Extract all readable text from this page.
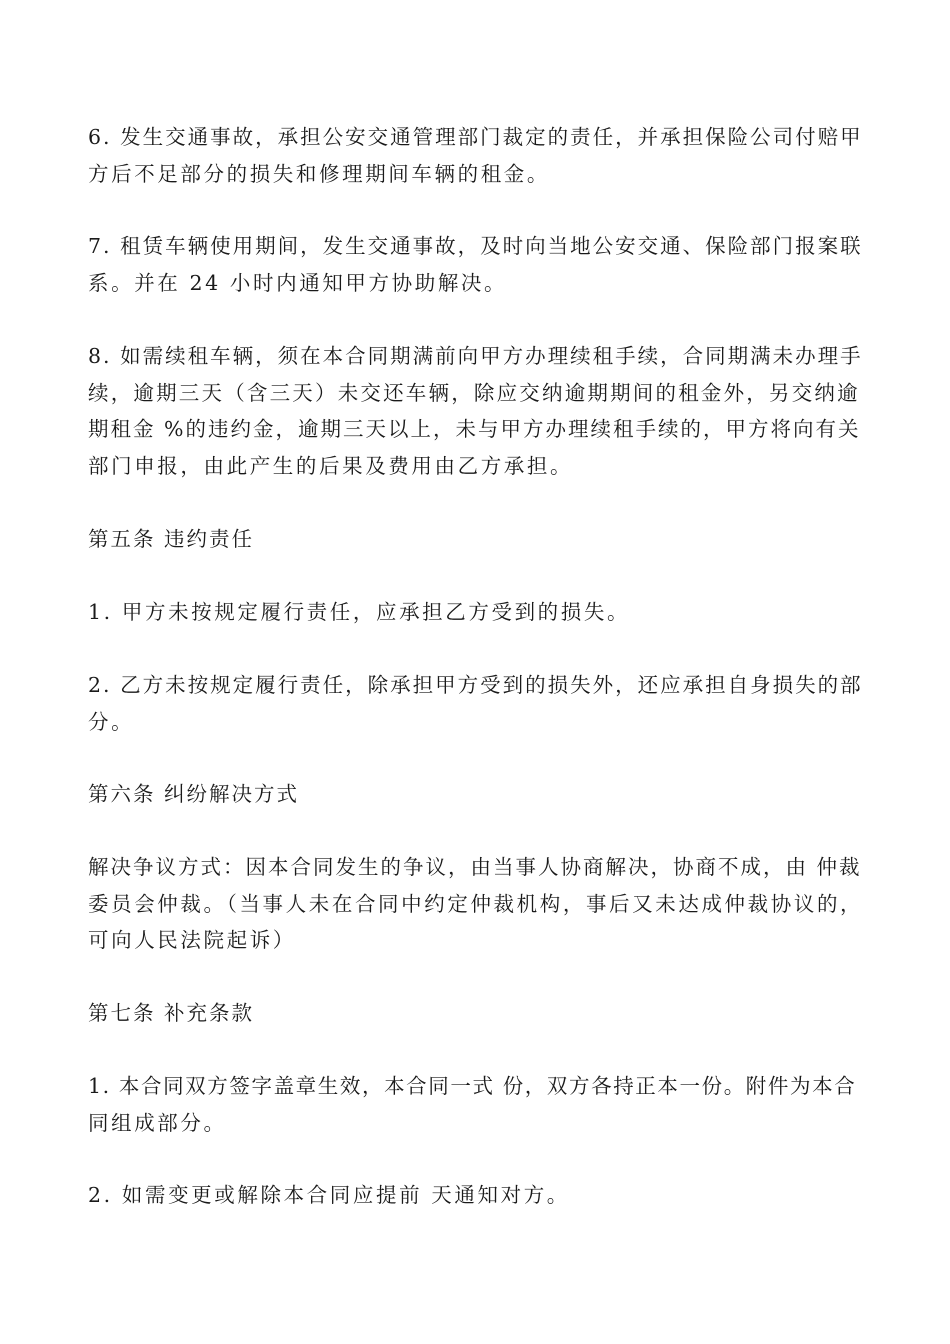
6. 发生交通事故，承担公安交通管理部门裁定的责任，并承担保险公司付赔甲
方后不足部分的损失和修理期间车辆的租金。

7. 租赁车辆使用期间，发生交通事故，及时向当地公安交通、保险部门报案联
系。并在 24 小时内通知甲方协助解决。

8. 如需续租车辆，须在本合同期满前向甲方办理续租手续，合同期满未办理手
续，逾期三天（含三天）未交还车辆，除应交纳逾期期间的租金外，另交纳逾
期租金 %的违约金，逾期三天以上，未与甲方办理续租手续的，甲方将向有关
部门申报，由此产生的后果及费用由乙方承担。

第五条 违约责任

1. 甲方未按规定履行责任，应承担乙方受到的损失。

2. 乙方未按规定履行责任，除承担甲方受到的损失外，还应承担自身损失的部
分。

第六条 纠纷解决方式

解决争议方式：因本合同发生的争议，由当事人协商解决，协商不成，由 仲裁
委员会仲裁。（当事人未在合同中约定仲裁机构，事后又未达成仲裁协议的，
可向人民法院起诉）

第七条 补充条款

1. 本合同双方签字盖章生效，本合同一式 份，双方各持正本一份。附件为本合
同组成部分。

2. 如需变更或解除本合同应提前 天通知对方。
